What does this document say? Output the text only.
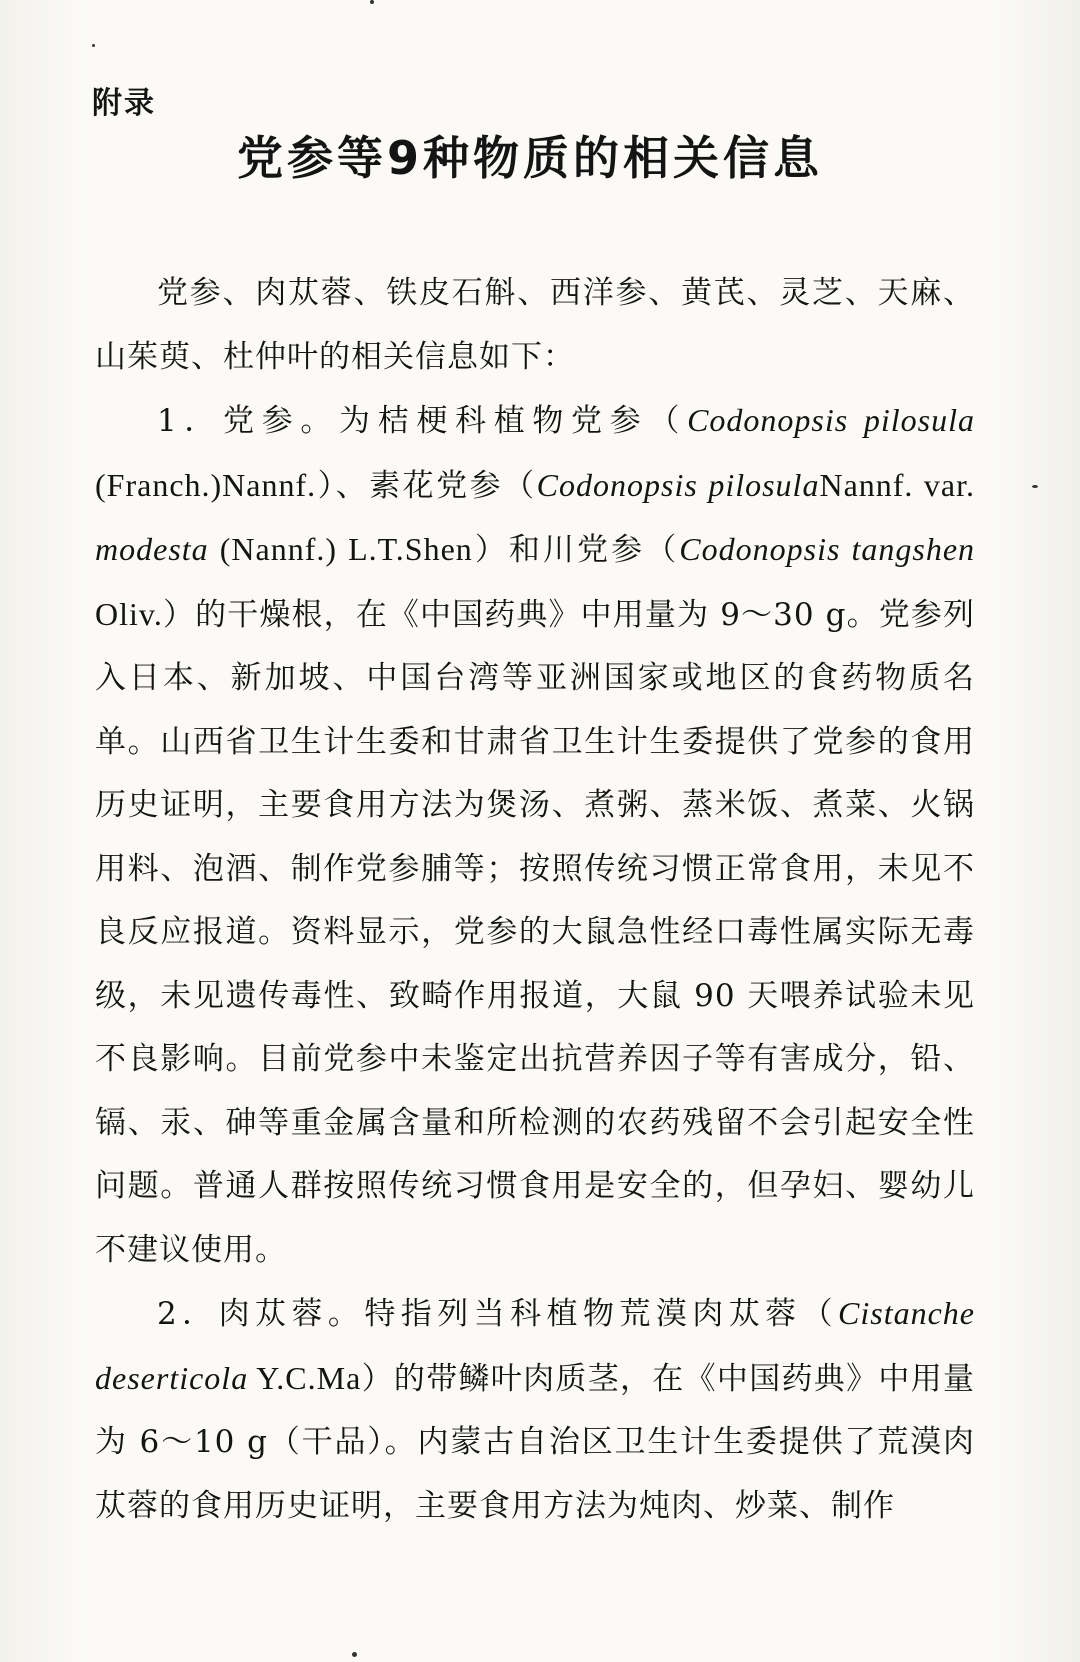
附录
党参等9种物质的相关信息

党参、肉苁蓉、铁皮石斛、西洋参、黄芪、灵芝、天麻、山茱萸、杜仲叶的相关信息如下：

1．党参。为桔梗科植物党参（Codonopsis pilosula (Franch.)Nannf.）、素花党参（Codonopsis pilosulaNannf. var. modesta (Nannf.) L.T.Shen）和川党参（Codonopsis tangshen Oliv.）的干燥根，在《中国药典》中用量为 9～30 g。党参列入日本、新加坡、中国台湾等亚洲国家或地区的食药物质名单。山西省卫生计生委和甘肃省卫生计生委提供了党参的食用历史证明，主要食用方法为煲汤、煮粥、蒸米饭、煮菜、火锅用料、泡酒、制作党参脯等；按照传统习惯正常食用，未见不良反应报道。资料显示，党参的大鼠急性经口毒性属实际无毒级，未见遗传毒性、致畸作用报道，大鼠 90 天喂养试验未见不良影响。目前党参中未鉴定出抗营养因子等有害成分，铅、镉、汞、砷等重金属含量和所检测的农药残留不会引起安全性问题。普通人群按照传统习惯食用是安全的，但孕妇、婴幼儿不建议使用。

2．肉苁蓉。特指列当科植物荒漠肉苁蓉（Cistanche deserticola Y.C.Ma）的带鳞叶肉质茎，在《中国药典》中用量为 6～10 g（干品）。内蒙古自治区卫生计生委提供了荒漠肉苁蓉的食用历史证明，主要食用方法为炖肉、炒菜、制作
